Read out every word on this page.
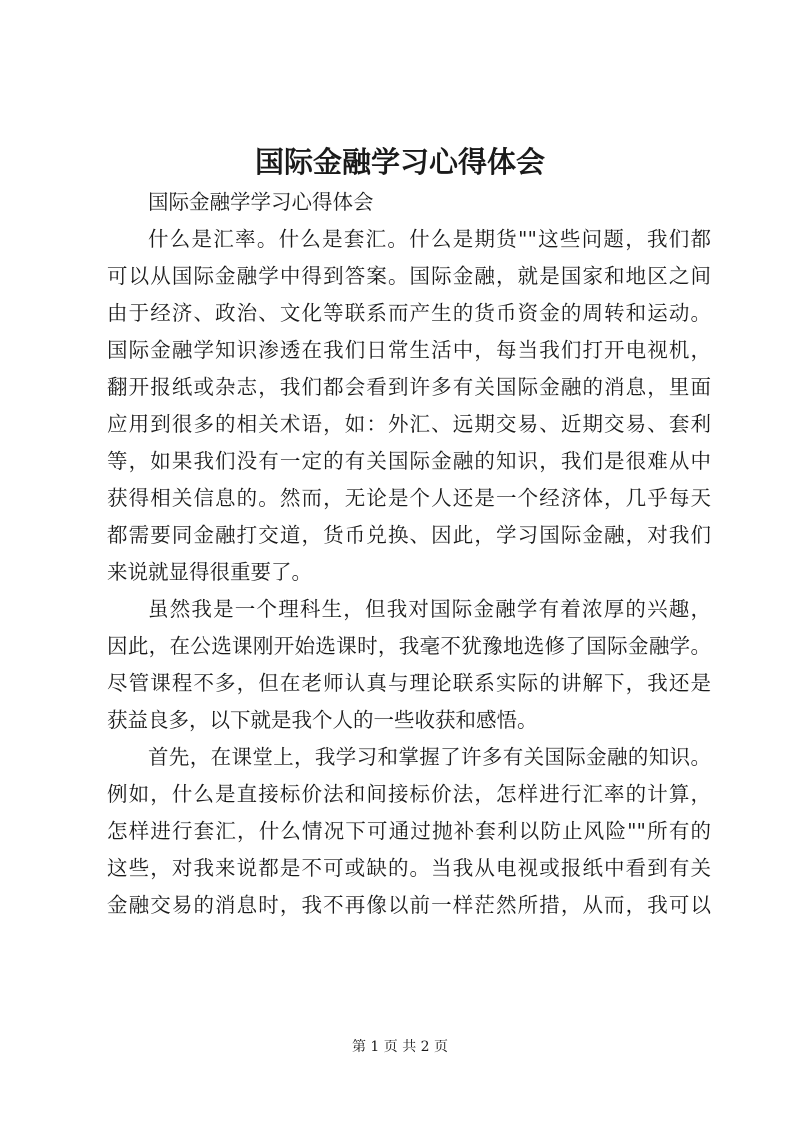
国际金融学习心得体会

国际金融学学习心得体会

什么是汇率。什么是套汇。什么是期货""这些问题，我们都
可以从国际金融学中得到答案。国际金融，就是国家和地区之间
由于经济、政治、文化等联系而产生的货币资金的周转和运动。
国际金融学知识渗透在我们日常生活中，每当我们打开电视机，
翻开报纸或杂志，我们都会看到许多有关国际金融的消息，里面
应用到很多的相关术语，如：外汇、远期交易、近期交易、套利
等，如果我们没有一定的有关国际金融的知识，我们是很难从中
获得相关信息的。然而，无论是个人还是一个经济体，几乎每天
都需要同金融打交道，货币兑换、因此，学习国际金融，对我们
来说就显得很重要了。
虽然我是一个理科生，但我对国际金融学有着浓厚的兴趣，
因此，在公选课刚开始选课时，我毫不犹豫地选修了国际金融学。
尽管课程不多，但在老师认真与理论联系实际的讲解下，我还是
获益良多，以下就是我个人的一些收获和感悟。
首先，在课堂上，我学习和掌握了许多有关国际金融的知识。
例如，什么是直接标价法和间接标价法，怎样进行汇率的计算，
怎样进行套汇，什么情况下可通过抛补套利以防止风险""所有的
这些，对我来说都是不可或缺的。当我从电视或报纸中看到有关
金融交易的消息时，我不再像以前一样茫然所措，从而，我可以
第 1 页 共 2 页
